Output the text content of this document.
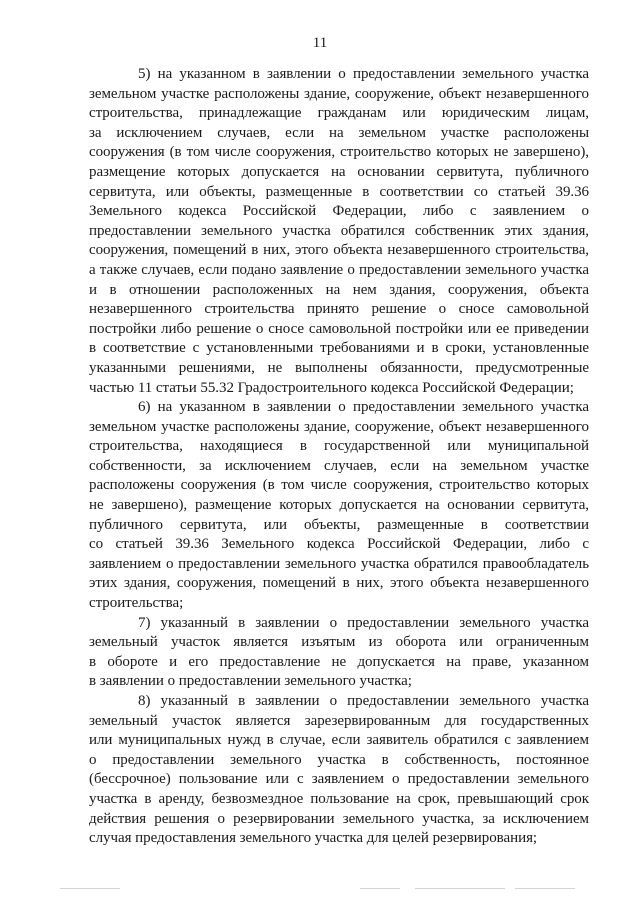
11
5) на указанном в заявлении о предоставлении земельного участка
земельном участке расположены здание, сооружение, объект незавершенного
строительства, принадлежащие гражданам или юридическим лицам,
за исключением случаев, если на земельном участке расположены
сооружения (в том числе сооружения, строительство которых не завершено),
размещение которых допускается на основании сервитута, публичного
сервитута, или объекты, размещенные в соответствии со статьей 39.36
Земельного кодекса Российской Федерации, либо с заявлением о
предоставлении земельного участка обратился собственник этих здания,
сооружения, помещений в них, этого объекта незавершенного строительства,
а также случаев, если подано заявление о предоставлении земельного участка
и в отношении расположенных на нем здания, сооружения, объекта
незавершенного строительства принято решение о сносе самовольной
постройки либо решение о сносе самовольной постройки или ее приведении
в соответствие с установленными требованиями и в сроки, установленные
указанными решениями, не выполнены обязанности, предусмотренные
частью 11 статьи 55.32 Градостроительного кодекса Российской Федерации;
6) на указанном в заявлении о предоставлении земельного участка
земельном участке расположены здание, сооружение, объект незавершенного
строительства, находящиеся в государственной или муниципальной
собственности, за исключением случаев, если на земельном участке
расположены сооружения (в том числе сооружения, строительство которых
не завершено), размещение которых допускается на основании сервитута,
публичного сервитута, или объекты, размещенные в соответствии
со статьей 39.36 Земельного кодекса Российской Федерации, либо с
заявлением о предоставлении земельного участка обратился правообладатель
этих здания, сооружения, помещений в них, этого объекта незавершенного
строительства;
7) указанный в заявлении о предоставлении земельного участка
земельный участок является изъятым из оборота или ограниченным
в обороте и его предоставление не допускается на праве, указанном
в заявлении о предоставлении земельного участка;
8) указанный в заявлении о предоставлении земельного участка
земельный участок является зарезервированным для государственных
или муниципальных нужд в случае, если заявитель обратился с заявлением
о предоставлении земельного участка в собственность, постоянное
(бессрочное) пользование или с заявлением о предоставлении земельного
участка в аренду, безвозмездное пользование на срок, превышающий срок
действия решения о резервировании земельного участка, за исключением
случая предоставления земельного участка для целей резервирования;
